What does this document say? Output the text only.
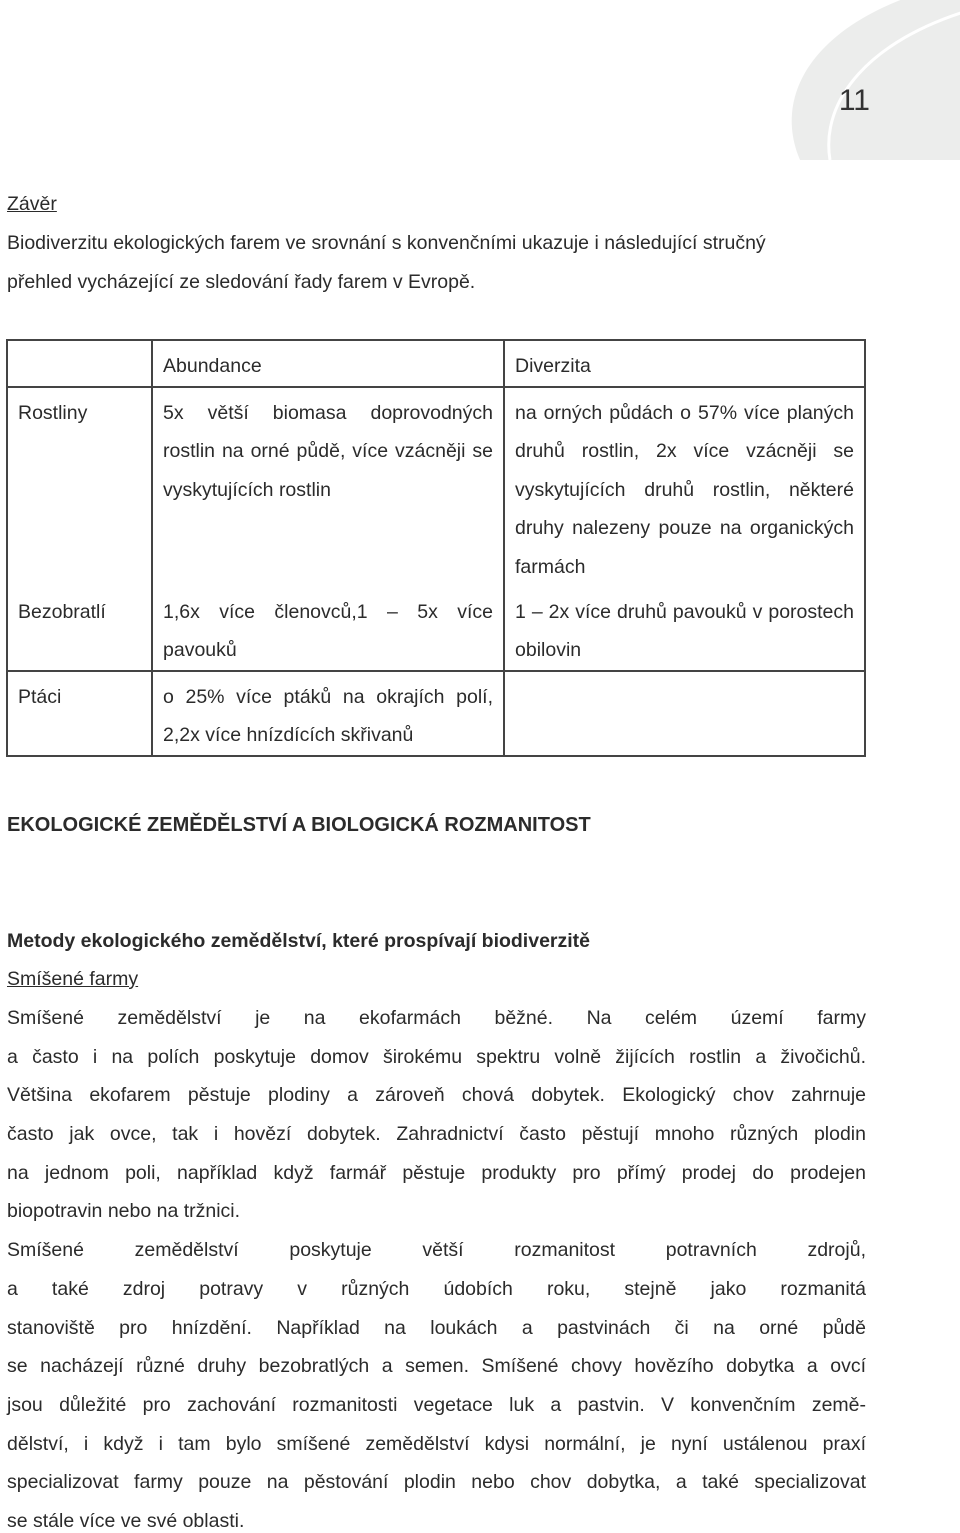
11
Závěr
Biodiverzitu ekologických farem ve srovnání s konvenčními ukazuje i následující stručný
přehled vycházející ze sledování řady farem v Evropě.
	Abundance	Diverzita
Rostliny	5x větší biomasa doprovodných rostlin na orné půdě, více vzácněji se vyskytujících rostlin	na orných půdách o 57% více planých druhů rostlin, 2x více vzácněji se vyskytujících druhů rostlin, některé druhy nalezeny pouze na organických farmách

Bezobratlí	1,6x více členovců,1 – 5x více pavouků	1 – 2x více druhů pavouků v porostech obilovin

Ptáci	o 25% více ptáků na okrajích polí, 2,2x více hnízdících skřivanů	

EKOLOGICKÉ ZEMĚDĚLSTVÍ A BIOLOGICKÁ ROZMANITOST
Metody ekologického zemědělství, které prospívají biodiverzitě
Smíšené farmy
Smíšené zemědělství je na ekofarmách běžné. Na celém území farmy
a často i na polích poskytuje domov širokému spektru volně žijících rostlin a živočichů.
Většina ekofarem pěstuje plodiny a zároveň chová dobytek. Ekologický chov zahrnuje
často jak ovce, tak i hovězí dobytek. Zahradnictví často pěstují mnoho různých plodin
na jednom poli, například když farmář pěstuje produkty pro přímý prodej do prodejen
biopotravin nebo na tržnici.
Smíšené zemědělství poskytuje větší rozmanitost potravních zdrojů,
a také zdroj potravy v různých údobích roku, stejně jako rozmanitá
stanoviště pro hnízdění. Například na loukách a pastvinách či na orné půdě
se nacházejí různé druhy bezobratlých a semen. Smíšené chovy hovězího dobytka a ovcí
jsou důležité pro zachování rozmanitosti vegetace luk a pastvin. V konvenčním země-
dělství, i když i tam bylo smíšené zemědělství kdysi normální, je nyní ustálenou praxí
specializovat farmy pouze na pěstování plodin nebo chov dobytka, a také specializovat
se stále více ve své oblasti.
